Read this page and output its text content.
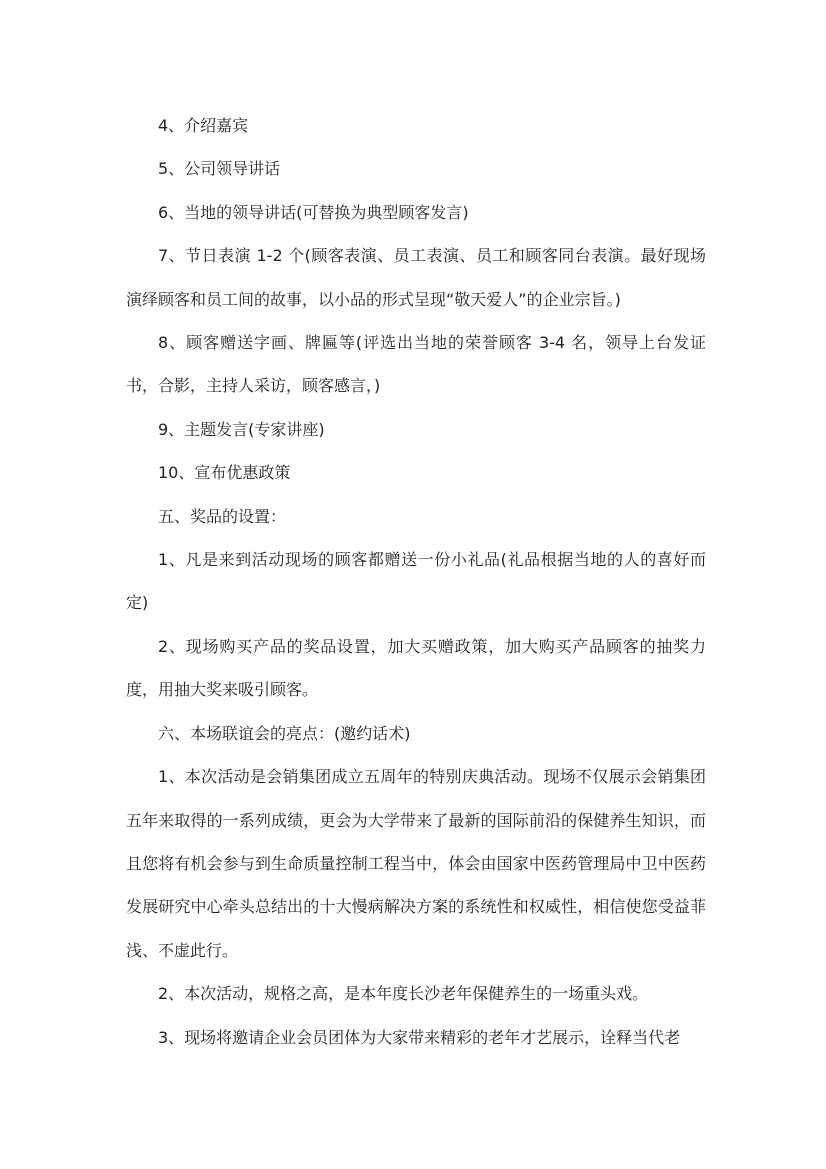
4、介绍嘉宾

5、公司领导讲话

6、当地的领导讲话(可替换为典型顾客发言)

7、节日表演 1-2 个(顾客表演、员工表演、员工和顾客同台表演。最好现场演绎顾客和员工间的故事，以小品的形式呈现“敬天爱人”的企业宗旨。)

8、顾客赠送字画、牌匾等(评选出当地的荣誉顾客 3-4 名，领导上台发证书，合影，主持人采访，顾客感言，)

9、主题发言(专家讲座)

10、宣布优惠政策

五、奖品的设置：

1、凡是来到活动现场的顾客都赠送一份小礼品(礼品根据当地的人的喜好而定)

2、现场购买产品的奖品设置，加大买赠政策，加大购买产品顾客的抽奖力度，用抽大奖来吸引顾客。

六、本场联谊会的亮点：(邀约话术)

1、本次活动是会销集团成立五周年的特别庆典活动。现场不仅展示会销集团五年来取得的一系列成绩，更会为大学带来了最新的国际前沿的保健养生知识，而且您将有机会参与到生命质量控制工程当中，体会由国家中医药管理局中卫中医药发展研究中心牵头总结出的十大慢病解决方案的系统性和权威性，相信使您受益菲浅、不虚此行。

2、本次活动，规格之高，是本年度长沙老年保健养生的一场重头戏。

3、现场将邀请企业会员团体为大家带来精彩的老年才艺展示，诠释当代老
